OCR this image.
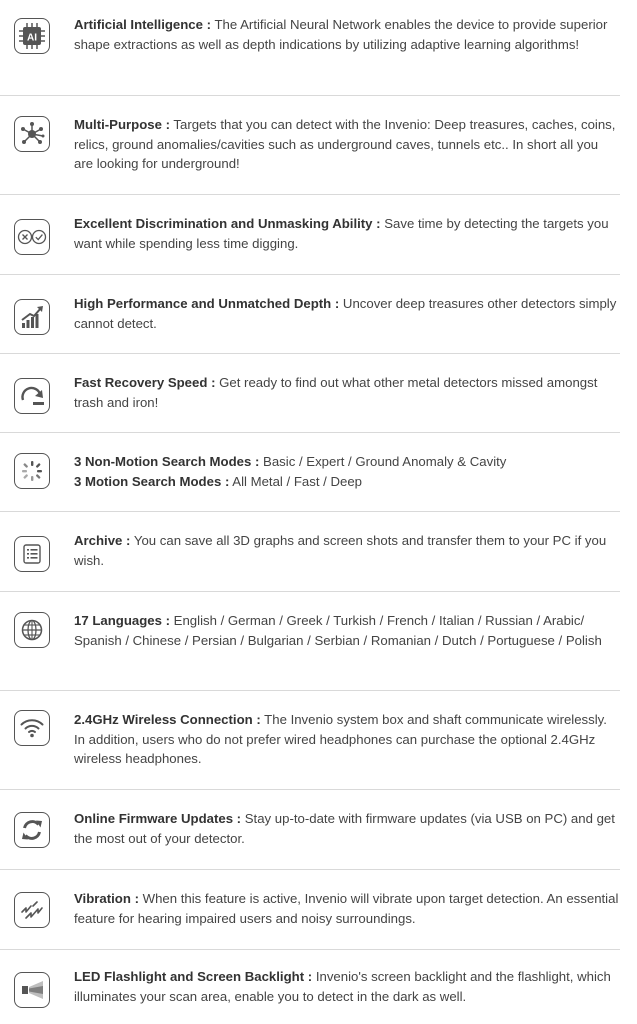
AI
Artificial Intelligence : The Artificial Neural Network enables the device to provide superior shape extractions as well as depth indications by utilizing adaptive learning algorithms!
Multi-Purpose : Targets that you can detect with the Invenio: Deep treasures, caches, coins, relics, ground anomalies/cavities such as underground caves, tunnels etc.. In short all you are looking for underground!
Excellent Discrimination and Unmasking Ability : Save time by detecting the targets you want while spending less time digging.
High Performance and Unmatched Depth : Uncover deep treasures other detectors simply cannot detect.
Fast Recovery Speed : Get ready to find out what other metal detectors missed amongst trash and iron!
3 Non-Motion Search Modes : Basic / Expert / Ground Anomaly & Cavity
3 Motion Search Modes : All Metal / Fast / Deep
Archive : You can save all 3D graphs and screen shots and transfer them to your PC if you wish.
17 Languages : English / German / Greek / Turkish / French / Italian / Russian / Arabic/ Spanish / Chinese / Persian / Bulgarian / Serbian / Romanian / Dutch / Portuguese / Polish
2.4GHz Wireless Connection : The Invenio system box and shaft communicate wirelessly. In addition, users who do not prefer wired headphones can purchase the optional 2.4GHz wireless headphones.
Online Firmware Updates : Stay up-to-date with firmware updates (via USB on PC) and get the most out of your detector.
Vibration : When this feature is active, Invenio will vibrate upon target detection. An essential feature for hearing impaired users and noisy surroundings.
LED Flashlight and Screen Backlight : Invenio's screen backlight and the flashlight, which illuminates your scan area, enable you to detect in the dark as well.
